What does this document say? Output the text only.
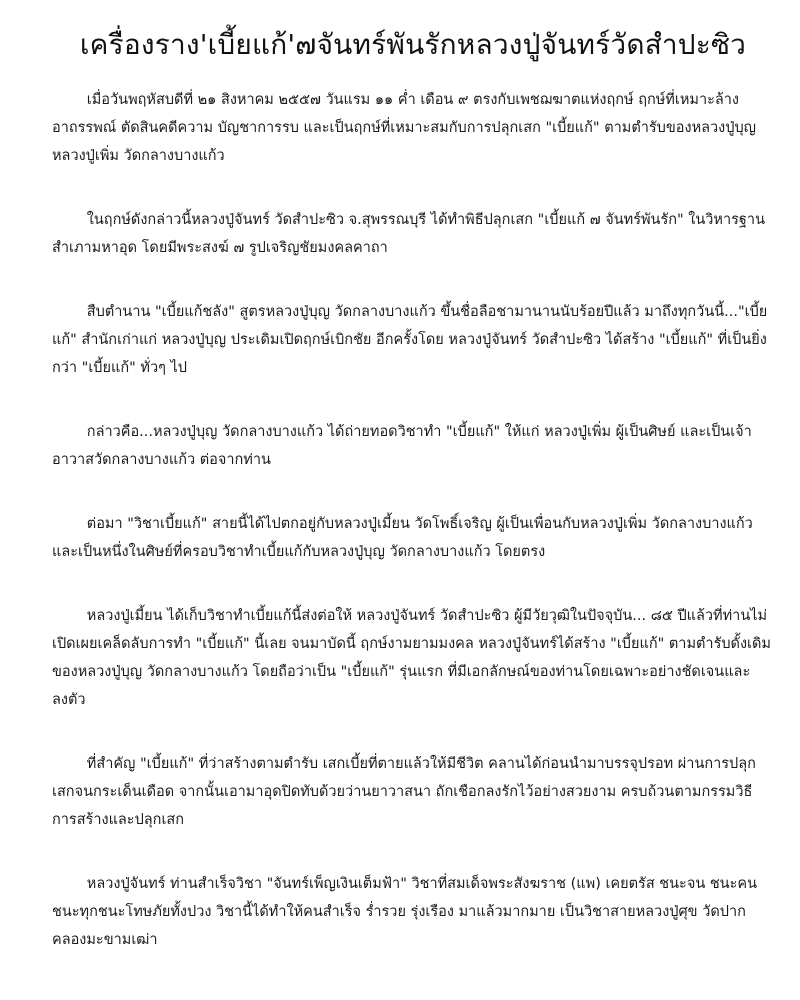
เครื่องราง'เบี้ยแก้'๗จันทร์พันรักหลวงปู่จันทร์วัดสำปะซิว

เมื่อวันพฤหัสบดีที่ ๒๑ สิงหาคม ๒๕๕๗ วันแรม ๑๑ ค่ำ เดือน ๙ ตรงกับเพชฌฆาตแห่งฤกษ์ ฤกษ์ที่เหมาะล้างอาถรรพณ์ ตัดสินคดีความ บัญชาการรบ และเป็นฤกษ์ที่เหมาะสมกับการปลุกเสก "เบี้ยแก้" ตามตำรับของหลวงปู่บุญ หลวงปู่เพิ่ม วัดกลางบางแก้ว

ในฤกษ์ดังกล่าวนี้หลวงปู่จันทร์ วัดสำปะซิว จ.สุพรรณบุรี ได้ทำพิธีปลุกเสก "เบี้ยแก้ ๗ จันทร์พันรัก" ในวิหารฐานสำเภามหาอุด โดยมีพระสงฆ์ ๗ รูปเจริญชัยมงคลคาถา

สืบตำนาน "เบี้ยแก้ชลัง" สูตรหลวงปู่บุญ วัดกลางบางแก้ว ขึ้นชื่อลือชามานานนับร้อยปีแล้ว มาถึงทุกวันนี้..."เบี้ยแก้" สำนักเก่าแก่ หลวงปู่บุญ ประเดิมเปิดฤกษ์เบิกชัย อีกครั้งโดย หลวงปู่จันทร์ วัดสำปะซิว ได้สร้าง "เบี้ยแก้" ที่เป็นยิ่งกว่า "เบี้ยแก้" ทั่วๆ ไป

กล่าวคือ...หลวงปู่บุญ วัดกลางบางแก้ว ได้ถ่ายทอดวิชาทำ "เบี้ยแก้" ให้แก่ หลวงปู่เพิ่ม ผู้เป็นศิษย์ และเป็นเจ้าอาวาสวัดกลางบางแก้ว ต่อจากท่าน

ต่อมา "วิชาเบี้ยแก้" สายนี้ได้ไปตกอยู่กับหลวงปู่เมี้ยน วัดโพธิ์เจริญ ผู้เป็นเพื่อนกับหลวงปู่เพิ่ม วัดกลางบางแก้ว และเป็นหนึ่งในศิษย์ที่ครอบวิชาทำเบี้ยแก้กับหลวงปู่บุญ วัดกลางบางแก้ว โดยตรง

หลวงปู่เมี้ยน ได้เก็บวิชาทำเบี้ยแก้นี้ส่งต่อให้ หลวงปู่จันทร์ วัดสำปะซิว ผู้มีวัยวุฒิในปัจจุบัน... ๘๕ ปีแล้วที่ท่านไม่เปิดเผยเคล็ดลับการทำ "เบี้ยแก้" นี้เลย จนมาบัดนี้ ฤกษ์งามยามมงคล หลวงปู่จันทร์ได้สร้าง "เบี้ยแก้" ตามตำรับดั้งเดิมของหลวงปู่บุญ วัดกลางบางแก้ว โดยถือว่าเป็น "เบี้ยแก้" รุ่นแรก ที่มีเอกลักษณ์ของท่านโดยเฉพาะอย่างชัดเจนและลงตัว

ที่สำคัญ "เบี้ยแก้" ที่ว่าสร้างตามตำรับ เสกเบี้ยที่ตายแล้วให้มีชีวิต คลานได้ก่อนนำมาบรรจุปรอท ผ่านการปลุกเสกจนกระเด็นเดือด จากนั้นเอามาอุดปิดทับด้วยว่านยาวาสนา ถักเชือกลงรักไว้อย่างสวยงาม ครบถ้วนตามกรรมวิธีการสร้างและปลุกเสก

หลวงปู่จันทร์ ท่านสำเร็จวิชา "จันทร์เพ็ญเงินเต็มฟ้า" วิชาที่สมเด็จพระสังฆราช (แพ) เคยตรัส ชนะจน ชนะคน ชนะทุกชนะโทษภัยทั้งปวง วิชานี้ได้ทำให้คนสำเร็จ ร่ำรวย รุ่งเรือง มาแล้วมากมาย เป็นวิชาสายหลวงปู่ศุข วัดปากคลองมะขามเฒ่า
